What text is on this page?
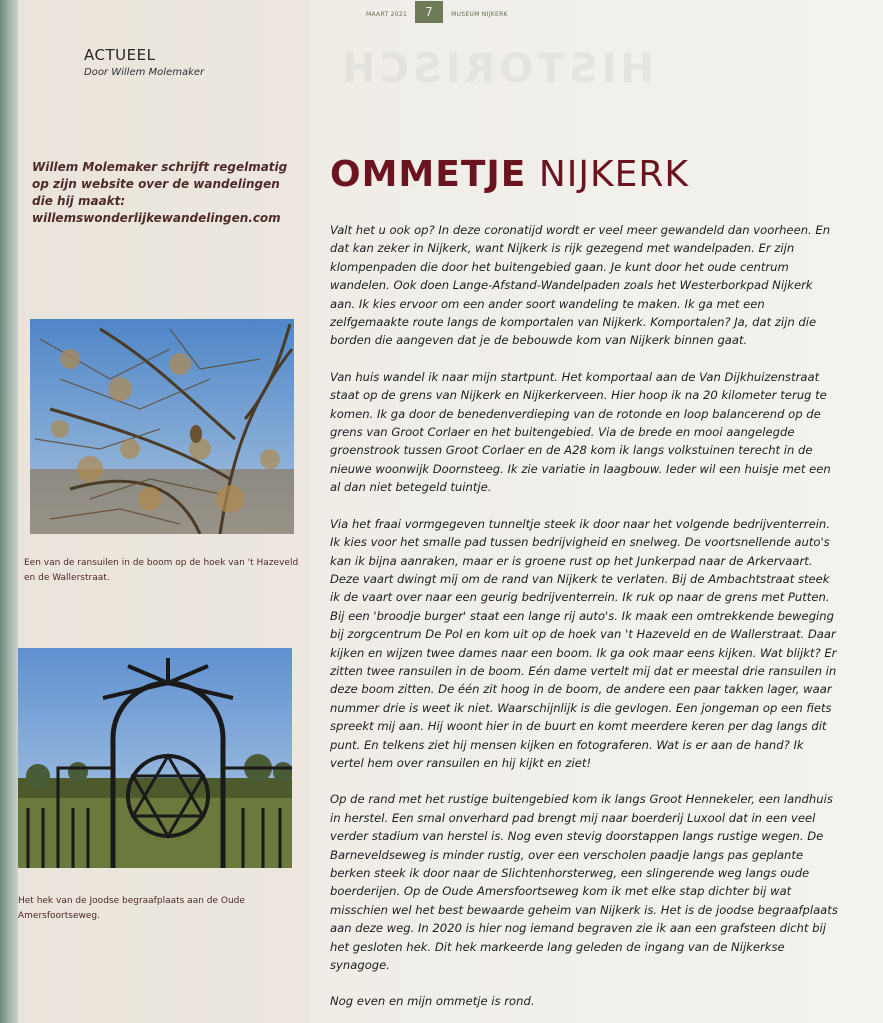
HISTORISCH
MAART 2021	7	MUSEUM NIJKERK
ACTUEEL
Door Willem Molemaker
Willem Molemaker schrijft regelmatig op zijn website over de wandelingen die hij maakt: willemswonderlijkewandelingen.com
Een van de ransuilen in de boom op de hoek van 't Hazeveld en de Wallerstraat.
Het hek van de Joodse begraafplaats aan de Oude Amersfoortseweg.
OMMETJE NIJKERK

Valt het u ook op? In deze coronatijd wordt er veel meer gewandeld dan voorheen. En dat kan zeker in Nijkerk, want Nijkerk is rijk gezegend met wandelpaden. Er zijn klompenpaden die door het buitengebied gaan. Je kunt door het oude centrum wandelen. Ook doen Lange-Afstand-Wandelpaden zoals het Westerborkpad Nijkerk aan. Ik kies ervoor om een ander soort wandeling te maken. Ik ga met een zelfgemaakte route langs de komportalen van Nijkerk. Komportalen? Ja, dat zijn die borden die aangeven dat je de bebouwde kom van Nijkerk binnen gaat.

Van huis wandel ik naar mijn startpunt. Het komportaal aan de Van Dijkhuizenstraat staat op de grens van Nijkerk en Nijkerkerveen. Hier hoop ik na 20 kilometer terug te komen. Ik ga door de benedenverdieping van de rotonde en loop balancerend op de grens van Groot Corlaer en het buitengebied. Via de brede en mooi aangelegde groenstrook tussen Groot Corlaer en de A28 kom ik langs volkstuinen terecht in de nieuwe woonwijk Doornsteeg. Ik zie variatie in laagbouw. Ieder wil een huisje met een al dan niet betegeld tuintje.

Via het fraai vormgegeven tunneltje steek ik door naar het volgende bedrijventerrein. Ik kies voor het smalle pad tussen bedrijvigheid en snelweg. De voortsnellende auto's kan ik bijna aanraken, maar er is groene rust op het Junkerpad naar de Arkervaart. Deze vaart dwingt mij om de rand van Nijkerk te verlaten. Bij de Ambachtstraat steek ik de vaart over naar een geurig bedrijventerrein. Ik ruk op naar de grens met Putten. Bij een 'broodje burger' staat een lange rij auto's. Ik maak een omtrekkende beweging bij zorgcentrum De Pol en kom uit op de hoek van 't Hazeveld en de Wallerstraat. Daar kijken en wijzen twee dames naar een boom. Ik ga ook maar eens kijken. Wat blijkt? Er zitten twee ransuilen in de boom. Eén dame vertelt mij dat er meestal drie ransuilen in deze boom zitten. De één zit hoog in de boom, de andere een paar takken lager, waar nummer drie is weet ik niet. Waarschijnlijk is die gevlogen. Een jongeman op een fiets spreekt mij aan. Hij woont hier in de buurt en komt meerdere keren per dag langs dit punt. En telkens ziet hij mensen kijken en fotograferen. Wat is er aan de hand? Ik vertel hem over ransuilen en hij kijkt en ziet!

Op de rand met het rustige buitengebied kom ik langs Groot Hennekeler, een landhuis in herstel. Een smal onverhard pad brengt mij naar boerderij Luxool dat in een veel verder stadium van herstel is. Nog even stevig doorstappen langs rustige wegen. De Barneveldseweg is minder rustig, over een verscholen paadje langs pas geplante berken steek ik door naar de Slichtenhorsterweg, een slingerende weg langs oude boerderijen. Op de Oude Amersfoortseweg kom ik met elke stap dichter bij wat misschien wel het best bewaarde geheim van Nijkerk is. Het is de joodse begraafplaats aan deze weg. In 2020 is hier nog iemand begraven zie ik aan een grafsteen dicht bij het gesloten hek. Dit hek markeerde lang geleden de ingang van de Nijkerkse synagoge.

Nog even en mijn ommetje is rond.
